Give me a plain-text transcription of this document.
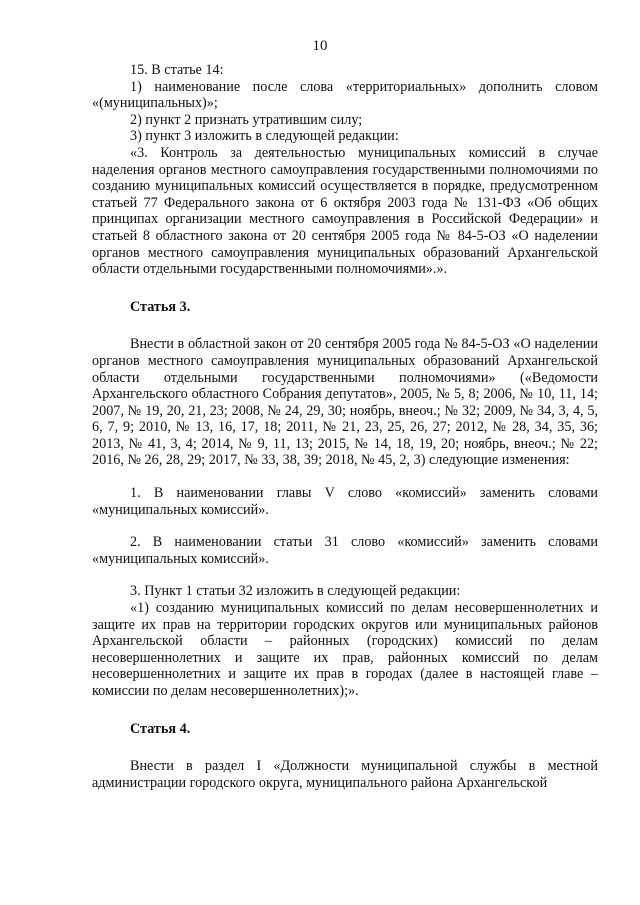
10

15. В статье 14:

1) наименование после слова «территориальных» дополнить словом «(муниципальных)»;

2) пункт 2 признать утратившим силу;

3) пункт 3 изложить в следующей редакции:

«3. Контроль за деятельностью муниципальных комиссий в случае наделения органов местного самоуправления государственными полномочиями по созданию муниципальных комиссий осуществляется в порядке, предусмотренном статьей 77 Федерального закона от 6 октября 2003 года № 131-ФЗ «Об общих принципах организации местного самоуправления в Российской Федерации» и статьей 8 областного закона от 20 сентября 2005 года № 84-5-ОЗ «О наделении органов местного самоуправления муниципальных образований Архангельской области отдельными государственными полномочиями».».

Статья 3.

Внести в областной закон от 20 сентября 2005 года № 84-5-ОЗ «О наделении органов местного самоуправления муниципальных образований Архангельской области отдельными государственными полномочиями» («Ведомости Архангельского областного Собрания депутатов», 2005, № 5, 8; 2006, № 10, 11, 14; 2007, № 19, 20, 21, 23; 2008, № 24, 29, 30; ноябрь, внеоч.; № 32; 2009, № 34, 3, 4, 5, 6, 7, 9; 2010, № 13, 16, 17, 18; 2011, № 21, 23, 25, 26, 27; 2012, № 28, 34, 35, 36; 2013, № 41, 3, 4; 2014, № 9, 11, 13; 2015, № 14, 18, 19, 20; ноябрь, внеоч.; № 22; 2016, № 26, 28, 29; 2017, № 33, 38, 39; 2018, № 45, 2, 3) следующие изменения:

1. В наименовании главы V слово «комиссий» заменить словами «муниципальных комиссий».

2. В наименовании статьи 31 слово «комиссий» заменить словами «муниципальных комиссий».

3. Пункт 1 статьи 32 изложить в следующей редакции:

«1) созданию муниципальных комиссий по делам несовершеннолетних и защите их прав на территории городских округов или муниципальных районов Архангельской области – районных (городских) комиссий по делам несовершеннолетних и защите их прав, районных комиссий по делам несовершеннолетних и защите их прав в городах (далее в настоящей главе – комиссии по делам несовершеннолетних);».

Статья 4.

Внести в раздел I «Должности муниципальной службы в местной администрации городского округа, муниципального района Архангельской
